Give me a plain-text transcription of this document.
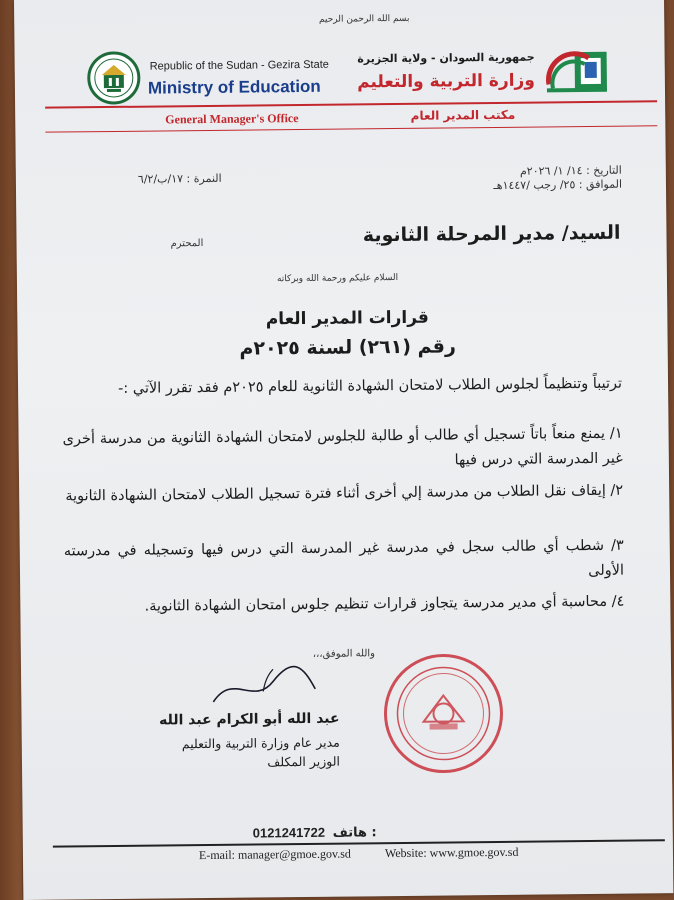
بسم الله الرحمن الرحيم
Republic of the Sudan - Gezira State
Ministry of Education
جمهورية السودان - ولاية الجزيرة
وزارة التربية والتعليم
General Manager's Office	مكتب المدير العام
التاريخ : ١٤/ ١/ ٢٠٢٦م
الموافق : ٢٥/ رجب /١٤٤٧هـ
النمرة : ١٧/ب/٦/٢
السيد/ مدير المرحلة الثانوية
المحترم
السلام عليكم ورحمة الله وبركاته
قرارات المدير العام
رقم (٢٦١) لسنة ٢٠٢٥م
ترتيباً وتنظيماً لجلوس الطلاب لامتحان الشهادة الثانوية للعام ٢٠٢٥م فقد تقرر الآتي :-
١/ يمنع منعاً باتاً تسجيل أي طالب أو طالبة للجلوس لامتحان الشهادة الثانوية من مدرسة أخرى غير المدرسة التي درس فيها
٢/ إيقاف نقل الطلاب من مدرسة إلي أخرى أثناء فترة تسجيل الطلاب لامتحان الشهادة الثانوية
٣/ شطب أي طالب سجل في مدرسة غير المدرسة التي درس فيها وتسجيله في مدرسته الأولى
٤/ محاسبة أي مدير مدرسة يتجاوز قرارات تنظيم جلوس امتحان الشهادة الثانوية.
والله الموفق،،،
عبد الله أبو الكرام عبد الله
مدير عام وزارة التربية والتعليم
الوزير المكلف
0121241722 هاتف :
E-mail: manager@gmoe.gov.sd	Website: www.gmoe.gov.sd
